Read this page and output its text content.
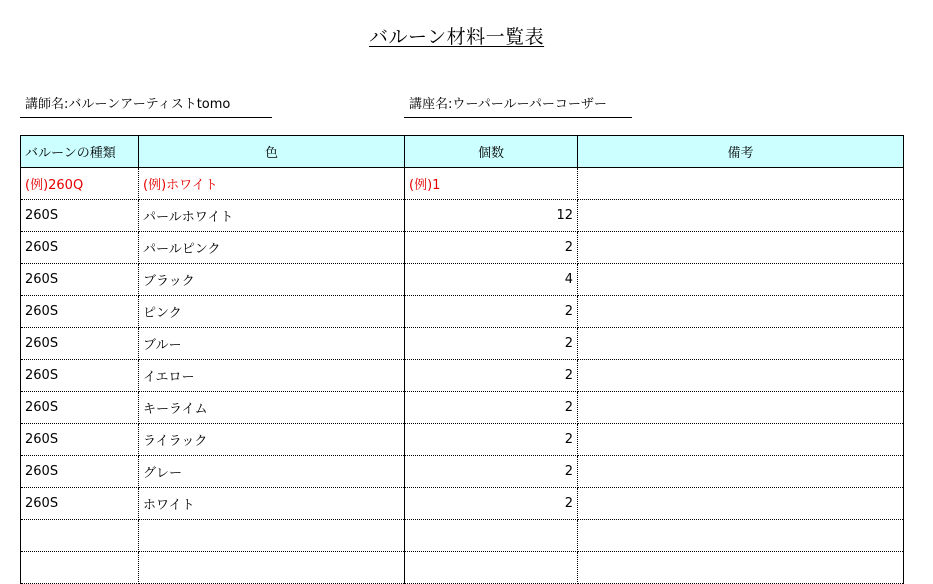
バルーン材料一覧表
講師名:バルーンアーティストtomo	講座名:ウーパールーパーコーザー
バルーンの種類	色	個数	備考
(例)260Q	(例)ホワイト	(例)1	
260S	パールホワイト	12	
260S	パールピンク	2	
260S	ブラック	4	
260S	ピンク	2	
260S	ブルー	2	
260S	イエロー	2	
260S	キーライム	2	
260S	ライラック	2	
260S	グレー	2	
260S	ホワイト	2	
